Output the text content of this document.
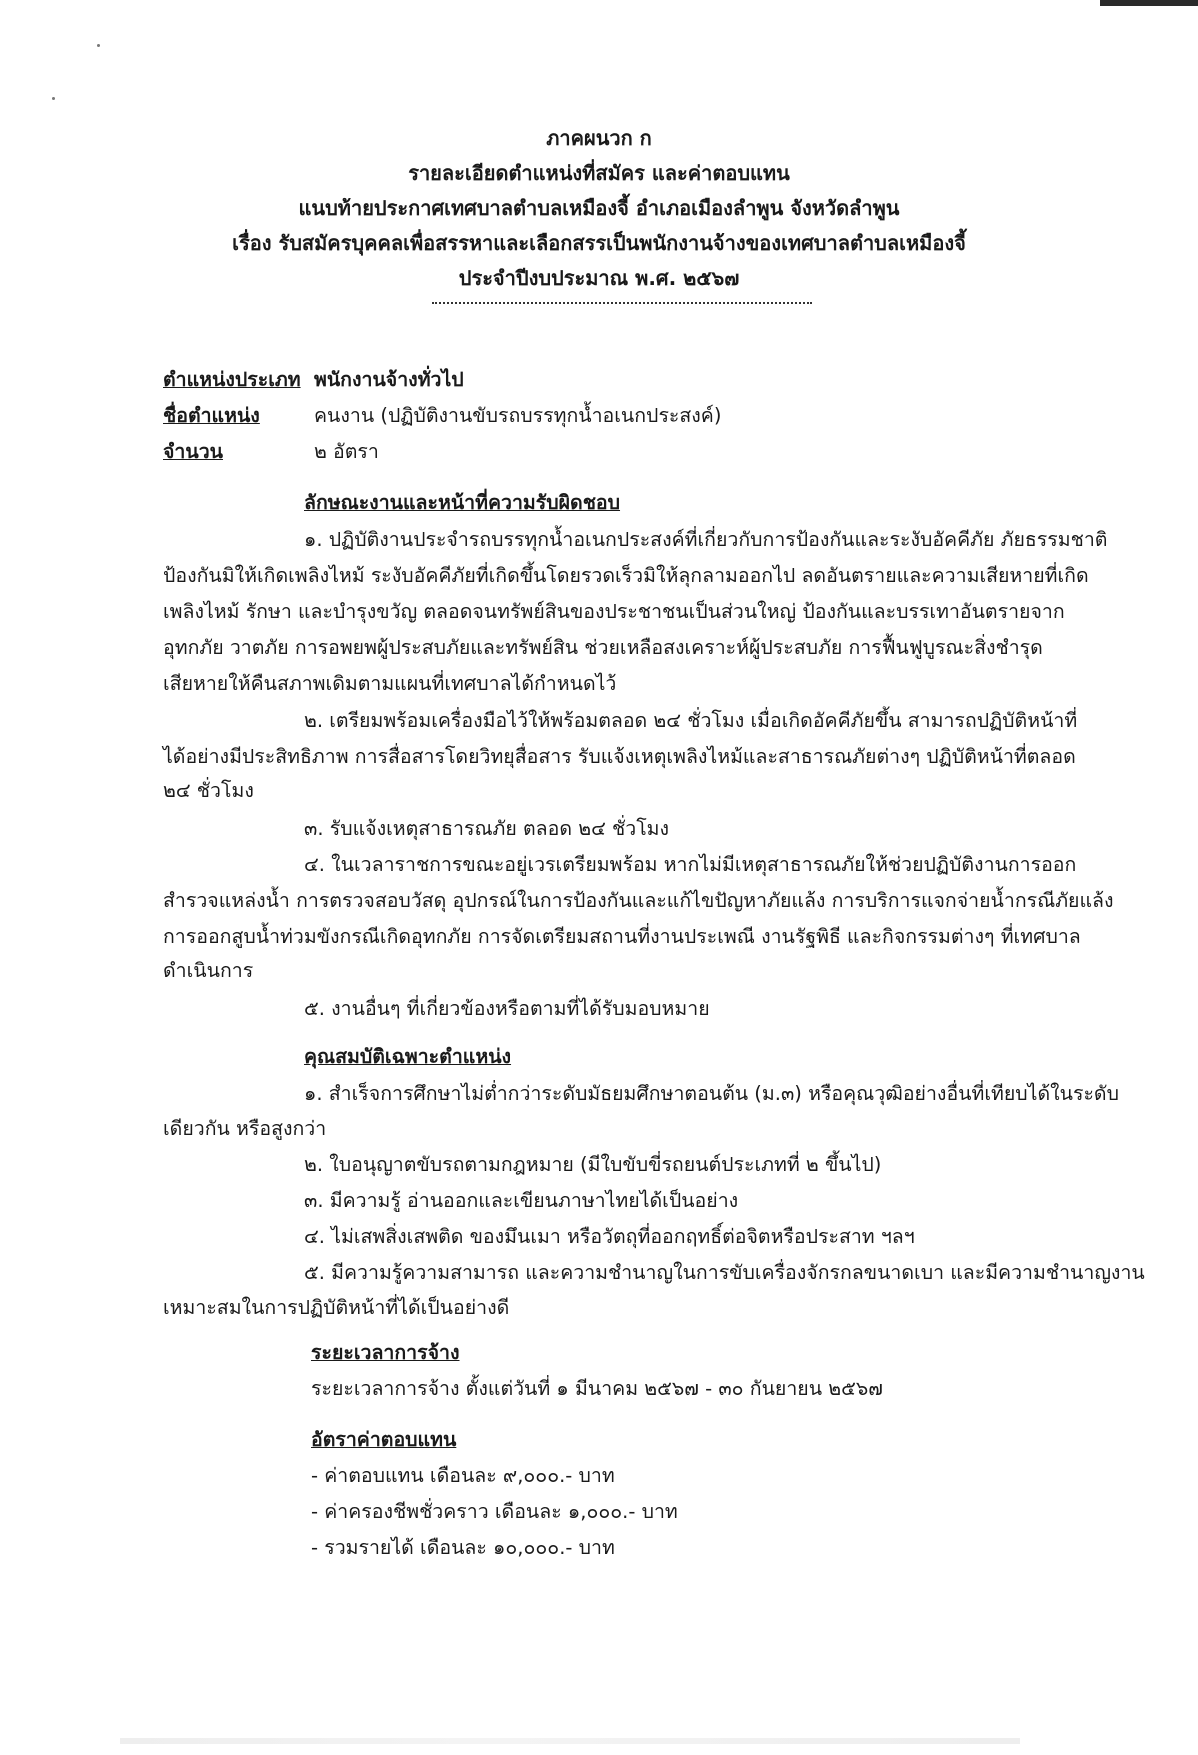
ภาคผนวก ก
รายละเอียดตำแหน่งที่สมัคร และค่าตอบแทน
แนบท้ายประกาศเทศบาลตำบลเหมืองจี้ อำเภอเมืองลำพูน จังหวัดลำพูน
เรื่อง รับสมัครบุคคลเพื่อสรรหาและเลือกสรรเป็นพนักงานจ้างของเทศบาลตำบลเหมืองจี้
ประจำปีงบประมาณ พ.ศ. ๒๕๖๗
ตำแหน่งประเภท พนักงานจ้างทั่วไป
ชื่อตำแหน่ง	คนงาน (ปฏิบัติงานขับรถบรรทุกน้ำอเนกประสงค์)
จำนวน	๒ อัตรา
ลักษณะงานและหน้าที่ความรับผิดชอบ
๑. ปฏิบัติงานประจำรถบรรทุกน้ำอเนกประสงค์ที่เกี่ยวกับการป้องกันและระงับอัคคีภัย ภัยธรรมชาติ
ป้องกันมิให้เกิดเพลิงไหม้ ระงับอัคคีภัยที่เกิดขึ้นโดยรวดเร็วมิให้ลุกลามออกไป ลดอันตรายและความเสียหายที่เกิด
เพลิงไหม้ รักษา และบำรุงขวัญ ตลอดจนทรัพย์สินของประชาชนเป็นส่วนใหญ่ ป้องกันและบรรเทาอันตรายจาก
อุทกภัย วาตภัย การอพยพผู้ประสบภัยและทรัพย์สิน ช่วยเหลือสงเคราะห์ผู้ประสบภัย การฟื้นฟูบูรณะสิ่งชำรุด
เสียหายให้คืนสภาพเดิมตามแผนที่เทศบาลได้กำหนดไว้
๒. เตรียมพร้อมเครื่องมือไว้ให้พร้อมตลอด ๒๔ ชั่วโมง เมื่อเกิดอัคคีภัยขึ้น สามารถปฏิบัติหน้าที่
ได้อย่างมีประสิทธิภาพ การสื่อสารโดยวิทยุสื่อสาร รับแจ้งเหตุเพลิงไหม้และสาธารณภัยต่างๆ ปฏิบัติหน้าที่ตลอด
๒๔ ชั่วโมง
๓. รับแจ้งเหตุสาธารณภัย ตลอด ๒๔ ชั่วโมง
๔. ในเวลาราชการขณะอยู่เวรเตรียมพร้อม หากไม่มีเหตุสาธารณภัยให้ช่วยปฏิบัติงานการออก
สำรวจแหล่งน้ำ การตรวจสอบวัสดุ อุปกรณ์ในการป้องกันและแก้ไขปัญหาภัยแล้ง การบริการแจกจ่ายน้ำกรณีภัยแล้ง
การออกสูบน้ำท่วมขังกรณีเกิดอุทกภัย การจัดเตรียมสถานที่งานประเพณี งานรัฐพิธี และกิจกรรมต่างๆ ที่เทศบาล
ดำเนินการ
๕. งานอื่นๆ ที่เกี่ยวข้องหรือตามที่ได้รับมอบหมาย
คุณสมบัติเฉพาะตำแหน่ง
๑. สำเร็จการศึกษาไม่ต่ำกว่าระดับมัธยมศึกษาตอนต้น (ม.๓) หรือคุณวุฒิอย่างอื่นที่เทียบได้ในระดับ
เดียวกัน หรือสูงกว่า
๒. ใบอนุญาตขับรถตามกฎหมาย (มีใบขับขี่รถยนต์ประเภทที่ ๒ ขึ้นไป)
๓. มีความรู้ อ่านออกและเขียนภาษาไทยได้เป็นอย่าง
๔. ไม่เสพสิ่งเสพติด ของมึนเมา หรือวัตถุที่ออกฤทธิ์ต่อจิตหรือประสาท ฯลฯ
๕. มีความรู้ความสามารถ และความชำนาญในการขับเครื่องจักรกลขนาดเบา และมีความชำนาญงาน
เหมาะสมในการปฏิบัติหน้าที่ได้เป็นอย่างดี
ระยะเวลาการจ้าง
ระยะเวลาการจ้าง ตั้งแต่วันที่ ๑ มีนาคม ๒๕๖๗ - ๓๐ กันยายน ๒๕๖๗
อัตราค่าตอบแทน
- ค่าตอบแทน เดือนละ ๙,๐๐๐.- บาท
- ค่าครองชีพชั่วคราว เดือนละ ๑,๐๐๐.- บาท
- รวมรายได้ เดือนละ ๑๐,๐๐๐.- บาท
